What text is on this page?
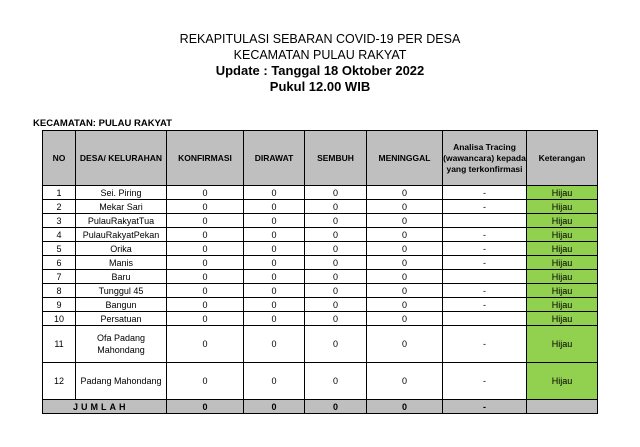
REKAPITULASI SEBARAN COVID-19 PER DESA
KECAMATAN PULAU RAKYAT
Update : Tanggal 18 Oktober 2022
Pukul 12.00 WIB
KECAMATAN: PULAU RAKYAT
NO	DESA/ KELURAHAN	KONFIRMASI	DIRAWAT	SEMBUH	MENINGGAL	Analisa Tracing (wawancara) kepada yang terkonfirmasi	Keterangan
1	Sei. Piring	0	0	0	0	-	Hijau
2	Mekar Sari	0	0	0	0	-	Hijau
3	PulauRakyatTua	0	0	0	0		Hijau
4	PulauRakyatPekan	0	0	0	0	-	Hijau
5	Orika	0	0	0	0	-	Hijau
6	Manis	0	0	0	0	-	Hijau
7	Baru	0	0	0	0		Hijau
8	Tunggul 45	0	0	0	0	-	Hijau
9	Bangun	0	0	0	0	-	Hijau
10	Persatuan	0	0	0	0		Hijau
11	Ofa Padang Mahondang	0	0	0	0	-	Hijau
12	Padang Mahondang	0	0	0	0	-	Hijau
JUMLAH		0	0	0	0	-	
